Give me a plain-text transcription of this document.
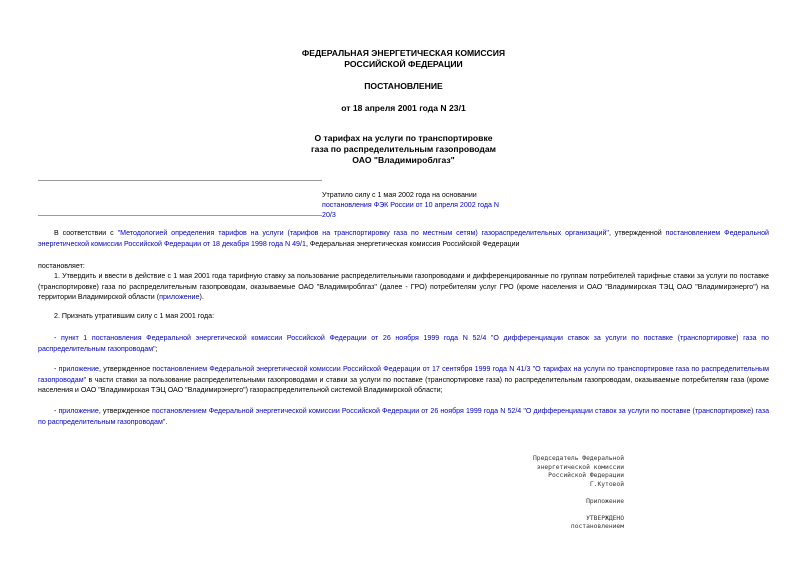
ФЕДЕРАЛЬНАЯ ЭНЕРГЕТИЧЕСКАЯ КОМИССИЯ
РОССИЙСКОЙ ФЕДЕРАЦИИ
ПОСТАНОВЛЕНИЕ
от 18 апреля 2001 года N 23/1
О тарифах на услуги по транспортировке
газа по распределительным газопроводам
ОАО "Владимироблгаз"
Утратило силу с 1 мая 2002 года на основании
постановления ФЭК России от 10 апреля 2002 года N 20/3
В соответствии с "Методологией определения тарифов на услуги (тарифов на транспортировку газа по местным сетям) газораспределительных организаций", утвержденной постановлением Федеральной энергетической комиссии Российской Федерации от 18 декабря 1998 года N 49/1, Федеральная энергетическая комиссия Российской Федерации
постановляет:
1. Утвердить и ввести в действие с 1 мая 2001 года тарифную ставку за пользование распределительными газопроводами и дифференцированные по группам потребителей тарифные ставки за услуги по поставке (транспортировке) газа по распределительным газопроводам, оказываемые ОАО "Владимироблгаз" (далее - ГРО) потребителям услуг ГРО (кроме населения и ОАО "Владимирская ТЭЦ ОАО "Владимирэнерго") на территории Владимирской области (приложение).
2. Признать утратившим силу с 1 мая 2001 года:
- пункт 1 постановления Федеральной энергетической комиссии Российской Федерации от 26 ноября 1999 года N 52/4 "О дифференциации ставок за услуги по поставке (транспортировке) газа по распределительным газопроводам";
- приложение, утвержденное постановлением Федеральной энергетической комиссии Российской Федерации от 17 сентября 1999 года N 41/3 "О тарифах на услуги по транспортировке газа по распределительным газопроводам" в части ставки за пользование распределительными газопроводами и ставки за услуги по поставке (транспортировке газа) по распределительным газопроводам, оказываемые потребителям газа (кроме населения и ОАО "Владимирская ТЭЦ ОАО "Владимирэнерго") газораспределительной системой Владимирской области;
- приложение, утвержденное постановлением Федеральной энергетической комиссии Российской Федерации от 26 ноября 1999 года N 52/4 "О дифференциации ставок за услуги по поставке (транспортировке) газа по распределительным газопроводам".
Председатель Федеральной
энергетической комиссии
Российской Федерации
Г.Кутовой
Приложение
УТВЕРЖДЕНО
постановлением
